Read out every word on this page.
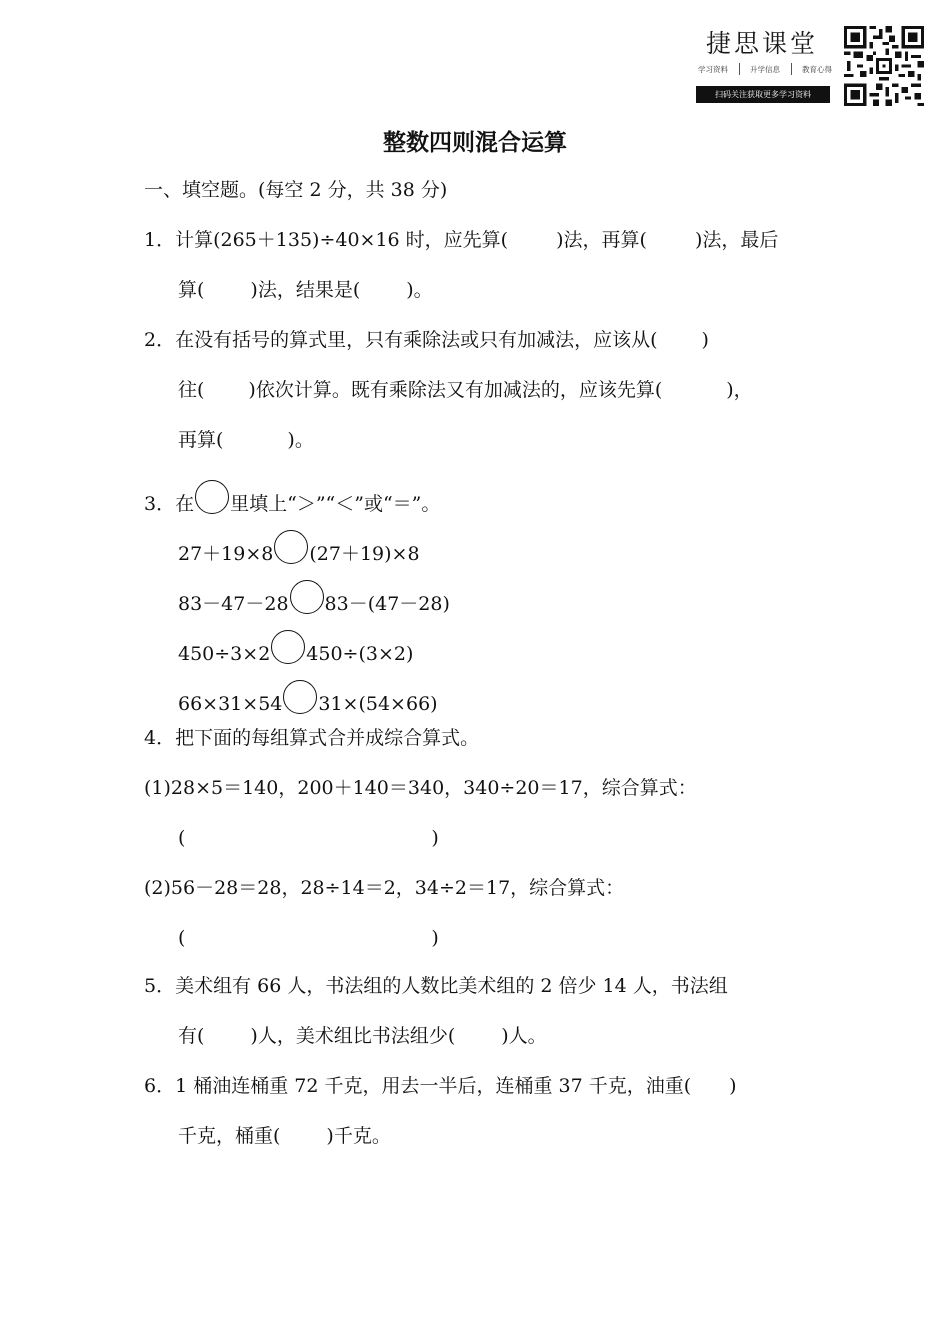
捷思课堂
学习资料	升学信息	教育心得
扫码关注获取更多学习资料
整数四则混合运算
一、填空题。(每空 2 分，共 38 分)
1．计算(265＋135)÷40×16 时，应先算(	)法，再算(	)法，最后
算( )法，结果是( )。
2．在没有括号的算式里，只有乘除法或只有加减法，应该从( )
往( )依次计算。既有乘除法又有加减法的，应该先算(	)，
再算(	)。
3．在 里填上“＞”“＜”或“＝”。
27＋19×8 (27＋19)×8
83－47－28 83－(47－28)
450÷3×2 450÷(3×2)
66×31×54 31×(54×66)
4．把下面的每组算式合并成综合算式。
(1)28×5＝140，200＋140＝340，340÷20＝17，综合算式：
(	)
(2)56－28＝28，28÷14＝2，34÷2＝17，综合算式：
(	)
5．美术组有 66 人，书法组的人数比美术组的 2 倍少 14 人，书法组
有( )人，美术组比书法组少( )人。
6．1 桶油连桶重 72 千克，用去一半后，连桶重 37 千克，油重( )
千克，桶重( )千克。
